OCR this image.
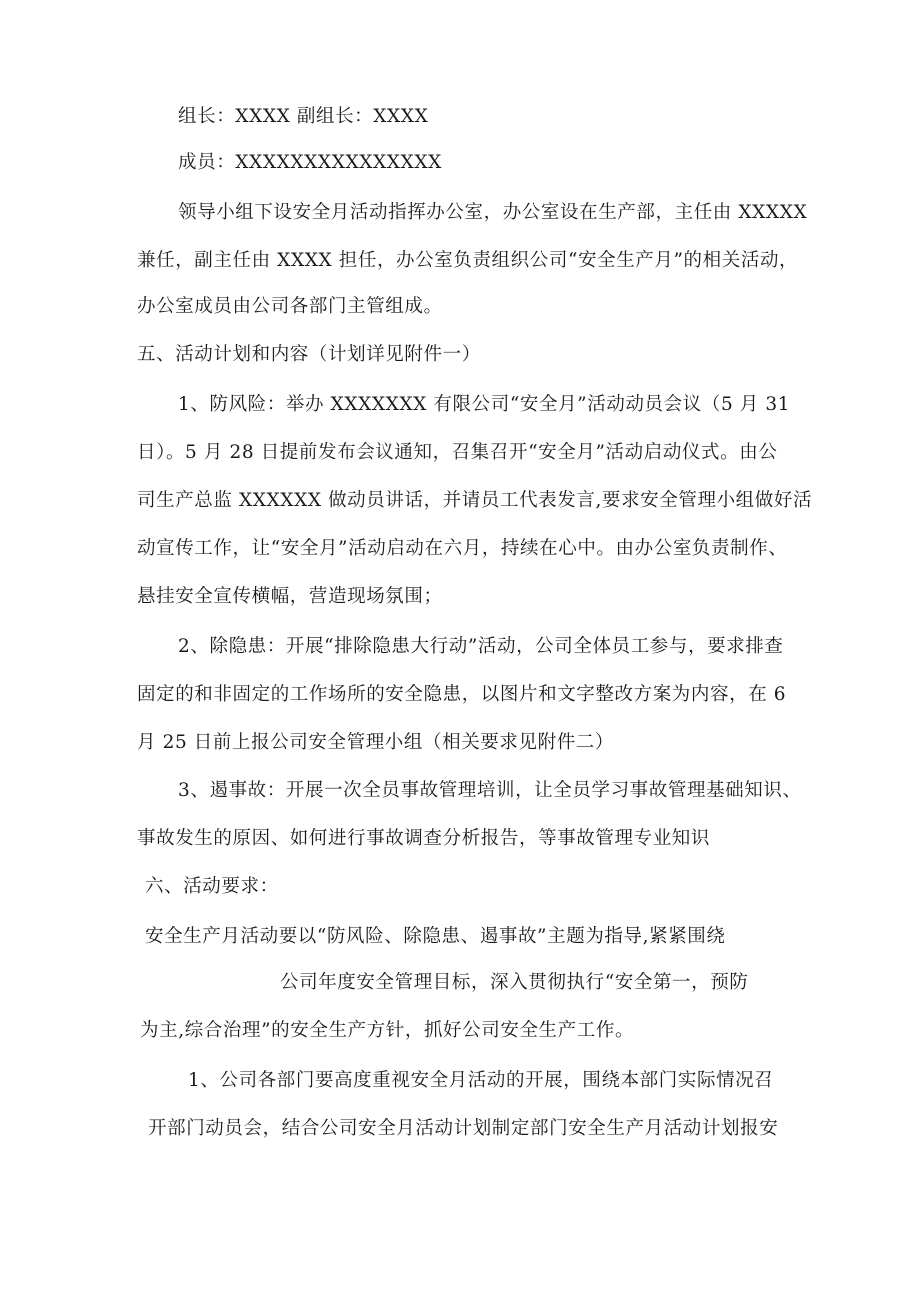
组长：XXXX 副组长：XXXX
成员：XXXXXXXXXXXXXXX
领导小组下设安全月活动指挥办公室，办公室设在生产部，主任由 XXXXX
兼任，副主任由 XXXX 担任，办公室负责组织公司“安全生产月”的相关活动，
办公室成员由公司各部门主管组成。
五、活动计划和内容（计划详见附件一）
1、防风险：举办 XXXXXXX 有限公司“安全月”活动动员会议（5 月 31
日）。5 月 28 日提前发布会议通知，召集召开“安全月”活动启动仪式。由公
司生产总监 XXXXXX 做动员讲话，并请员工代表发言,要求安全管理小组做好活
动宣传工作，让“安全月”活动启动在六月，持续在心中。由办公室负责制作、
悬挂安全宣传横幅，营造现场氛围；
2、除隐患：开展“排除隐患大行动”活动，公司全体员工参与，要求排查
固定的和非固定的工作场所的安全隐患，以图片和文字整改方案为内容，在 6
月 25 日前上报公司安全管理小组（相关要求见附件二）
3、遏事故：开展一次全员事故管理培训，让全员学习事故管理基础知识、
事故发生的原因、如何进行事故调查分析报告，等事故管理专业知识
六、活动要求：
安全生产月活动要以“防风险、除隐患、遏事故”主题为指导,紧紧围绕
公司年度安全管理目标，深入贯彻执行“安全第一，预防
为主,综合治理”的安全生产方针，抓好公司安全生产工作。
1、公司各部门要高度重视安全月活动的开展，围绕本部门实际情况召
开部门动员会，结合公司安全月活动计划制定部门安全生产月活动计划报安
